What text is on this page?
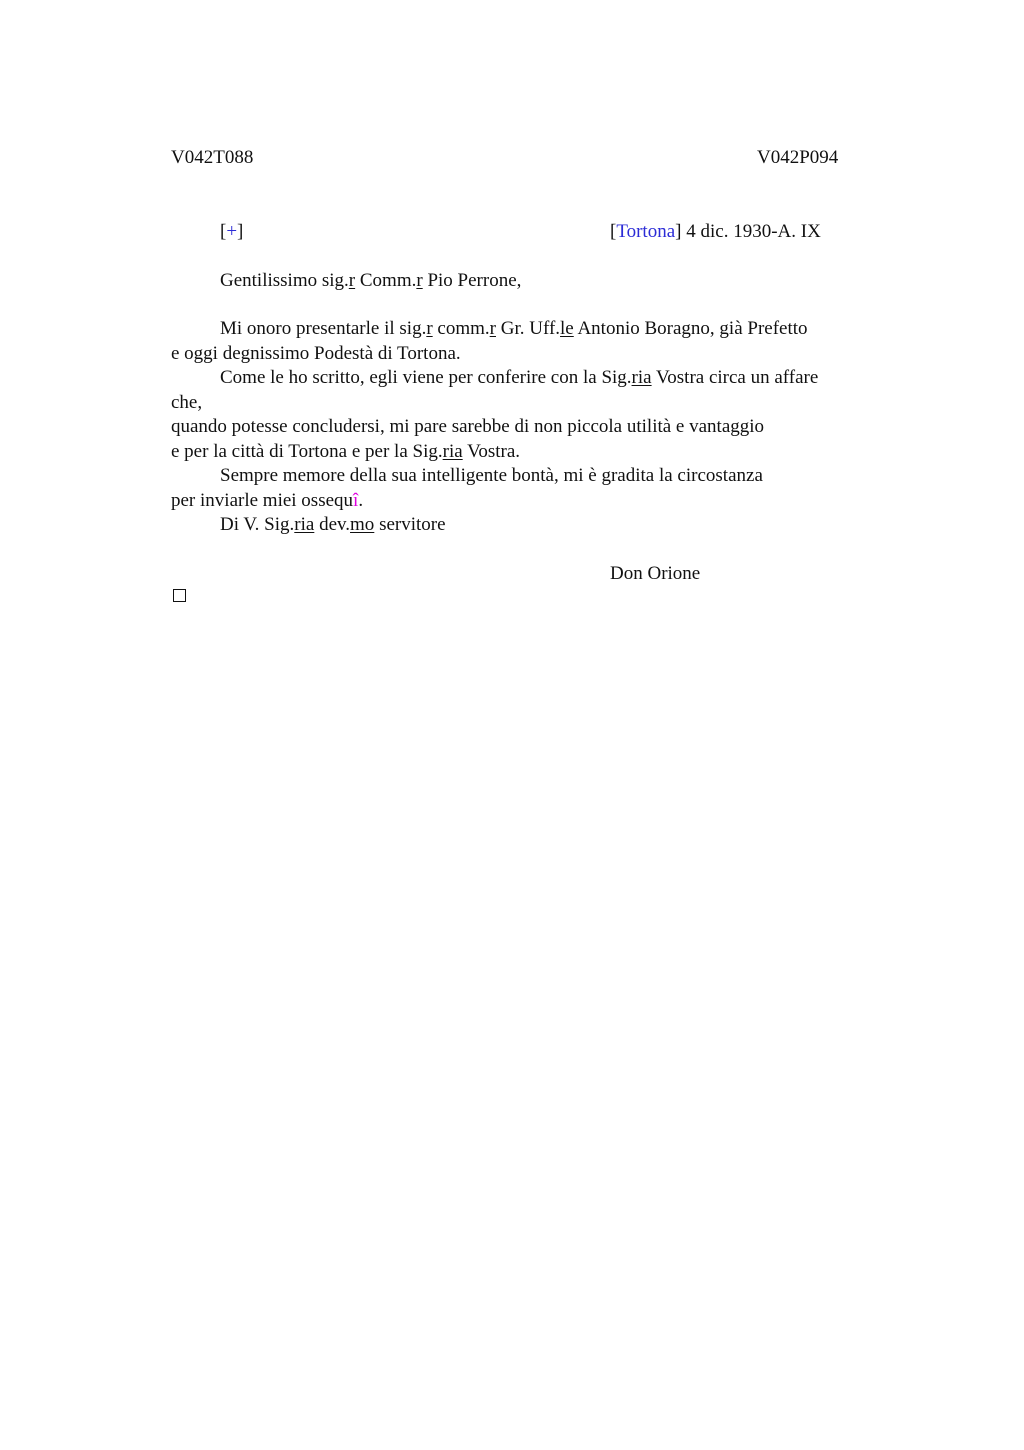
V042T088	V042P094
[+]	[Tortona] 4 dic. 1930-A. IX
Gentilissimo sig.r Comm.r Pio Perrone,
Mi onoro presentarle il sig.r comm.r Gr. Uff.le Antonio Boragno, già Prefetto
e oggi degnissimo Podestà di Tortona.
Come le ho scritto, egli viene per conferire con la Sig.ria Vostra circa un affare
che,
quando potesse concludersi, mi pare sarebbe di non piccola utilità e vantaggio
e per la città di Tortona e per la Sig.ria Vostra.
Sempre memore della sua intelligente bontà, mi è gradita la circostanza
per inviarle miei ossequî.
Di V. Sig.ria dev.mo servitore
Don Orione
